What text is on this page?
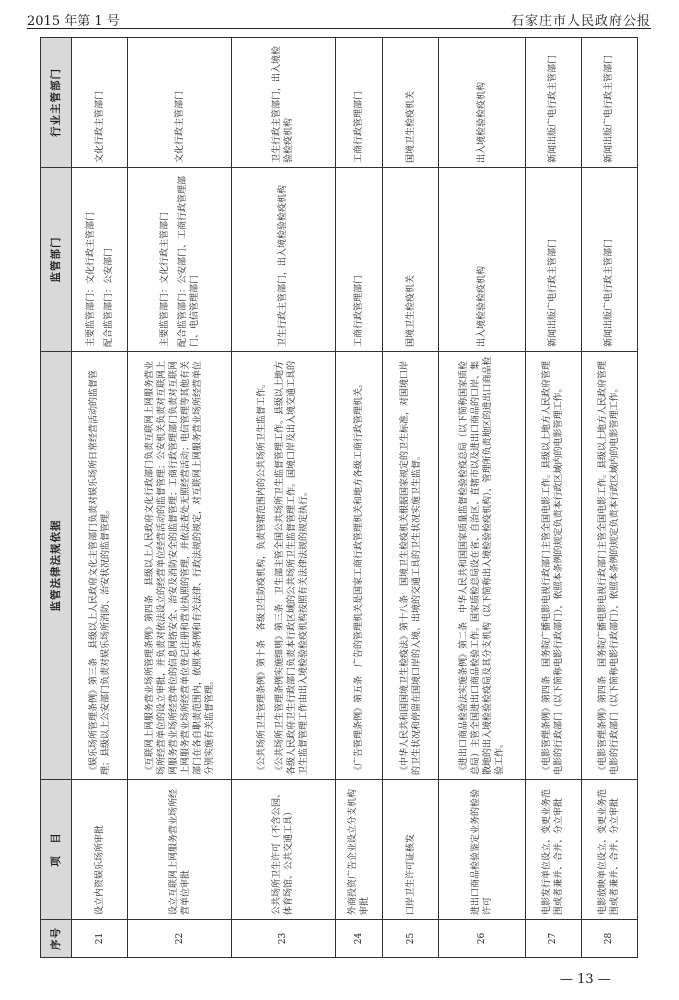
2015 年第 1 号	石家庄市人民政府公报
序号	项　目	监管法律法规依据	监管部门	行业主管部门
21	设立内资娱乐场所审批	《娱乐场所管理条例》第三条　县级以上人民政府文化主管部门负责对娱乐场所日常经营活动的监督管理；县级以上公安部门负责对娱乐场所消防、治安状况的监督管理。	主要监管部门：文化行政主管部门 配合监管部门：公安部门	文化行政主管部门
22	设立互联网上网服务营业场所经营单位审批	《互联网上网服务营业场所管理条例》第四条　县级以上人民政府文化行政部门负责互联网上网服务营业场所经营单位的设立审批，并负责对依法设立的经营单位经营活动的监督管理；公安机关负责对互联网上网服务营业场所经营单位的信息网络安全、治安及消防安全的监督管理；工商行政管理部门负责对互联网上网服务营业场所经营单位登记注册和营业执照的管理，并依法查处无照经营活动；电信管理等其他有关部门在各自职责范围内，依照本条例和有关法律、行政法规的规定，对互联网上网服务营业场所经营单位分别实施有关监督管理。	主要监管部门：文化行政主管部门 配合监管部门：公安部门、工商行政管理部门、电信管理部门	文化行政主管部门
23	公共场所卫生许可（不含公园、体育场馆、公共交通工具）	《公共场所卫生管理条例》第十条　各级卫生防疫机构，负责管辖范围内的公共场所卫生监督工作。 《公共场所卫生管理条例实施细则》第三条　卫生部主管全国公共场所卫生监督管理工作。县级以上地方各级人民政府卫生行政部门负责本行政区域的公共场所卫生监督管理工作。国境口岸及出入境交通工具的卫生监督管理工作由出入境检验检疫机构按照有关法律法规的规定执行。	卫生行政主管部门，出入境检验检疫机构	卫生行政主管部门，出入境检验检疫机构
24	外商投资广告企业设立分支机构审批	《广告管理条例》第五条　广告的管理机关是国家工商行政管理机关和地方各级工商行政管理机关。	工商行政管理部门	工商行政管理部门
25	口岸卫生许可证核发	《中华人民共和国国境卫生检疫法》第十八条　国境卫生检疫机关根据国家规定的卫生标准，对国境口岸的卫生状况和停留在国境口岸的入境、出境的交通工具的卫生状况实施卫生监督。	国境卫生检疫机关	国境卫生检疫机关
26	进出口商品检验鉴定业务的检验许可	《进出口商品检验法实施条例》第二条　中华人民共和国国家质量监督检验检疫总局（以下简称国家质检总局）主管全国进出口商品检验工作。国家质检总局设在省、自治区、直辖市以及进出口商品的口岸、集散地的出入境检验检疫局及其分支机构（以下简称出入境检验检疫机构），管理所负责地区的进出口商品检验工作。	出入境检验检疫机构	出入境检验检疫机构
27	电影发行单位设立、变更业务范围或者兼并、合并、分立审批	《电影管理条例》第四条　国务院广播电影电视行政部门主管全国电影工作。县级以上地方人民政府管理电影的行政部门（以下简称电影行政部门），依照本条例的规定负责本行政区域内的电影管理工作。	新闻出版广电行政主管部门	新闻出版广电行政主管部门
28	电影放映单位设立、变更业务范围或者兼并、合并、分立审批	《电影管理条例》第四条　国务院广播电影电视行政部门主管全国电影工作。县级以上地方人民政府管理电影的行政部门（以下简称电影行政部门），依照本条例的规定负责本行政区域内的电影管理工作。	新闻出版广电行政主管部门	新闻出版广电行政主管部门
— 13 —
